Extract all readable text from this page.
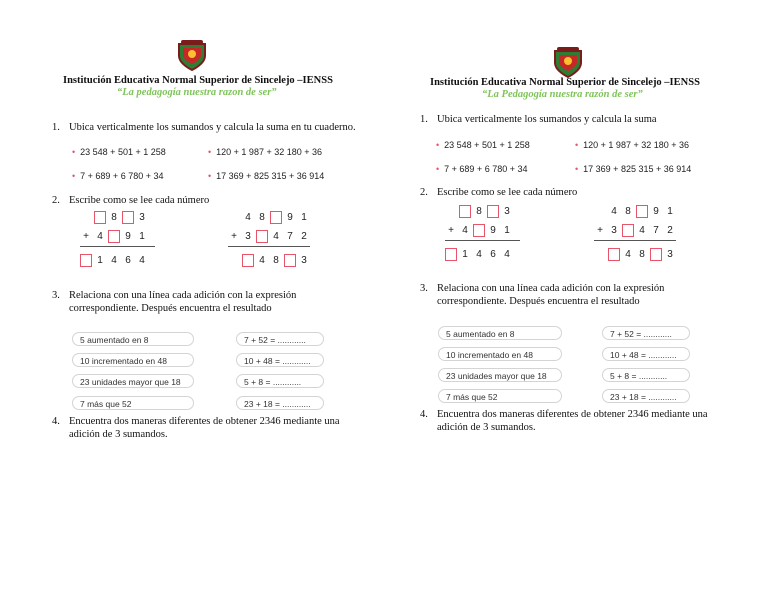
Institución Educativa Normal Superior de Sincelejo –IENSS
“La pedagogía nuestra razon de ser”
1. Ubica verticalmente los sumandos y calcula la suma en tu cuaderno.
• 23 548 + 501 + 1 258	• 120 + 1 987 + 32 180 + 36
• 7 + 689 + 6 780 + 34	• 17 369 + 825 315 + 36 914
2. Escribe como se lee cada número
8	3
+ 4	9 1
1 4 6 4
4 8	9 1
+ 3	4 7 2
4 8	3
3. Relaciona con una línea cada adición con la expresión
correspondiente. Después encuentra el resultado
5 aumentado en 8
10 incrementado en 48
23 unidades mayor que 18
7 más que 52
7 + 52 = ............
10 + 48 = ............
5 + 8 = ............
23 + 18 = ............
4. Encuentra dos maneras diferentes de obtener 2346 mediante una
adición de 3 sumandos.
Institución Educativa Normal Superior de Sincelejo –IENSS
“La Pedagogía nuestra razón de ser”
1. Ubica verticalmente los sumandos y calcula la suma
• 23 548 + 501 + 1 258	• 120 + 1 987 + 32 180 + 36
• 7 + 689 + 6 780 + 34	• 17 369 + 825 315 + 36 914
2. Escribe como se lee cada número
8	3
+ 4	9 1
1 4 6 4
4 8	9 1
+ 3	4 7 2
4 8	3
3. Relaciona con una línea cada adición con la expresión
correspondiente. Después encuentra el resultado
5 aumentado en 8
10 incrementado en 48
23 unidades mayor que 18
7 más que 52
7 + 52 = ............
10 + 48 = ............
5 + 8 = ............
23 + 18 = ............
4. Encuentra dos maneras diferentes de obtener 2346 mediante una
adición de 3 sumandos.
